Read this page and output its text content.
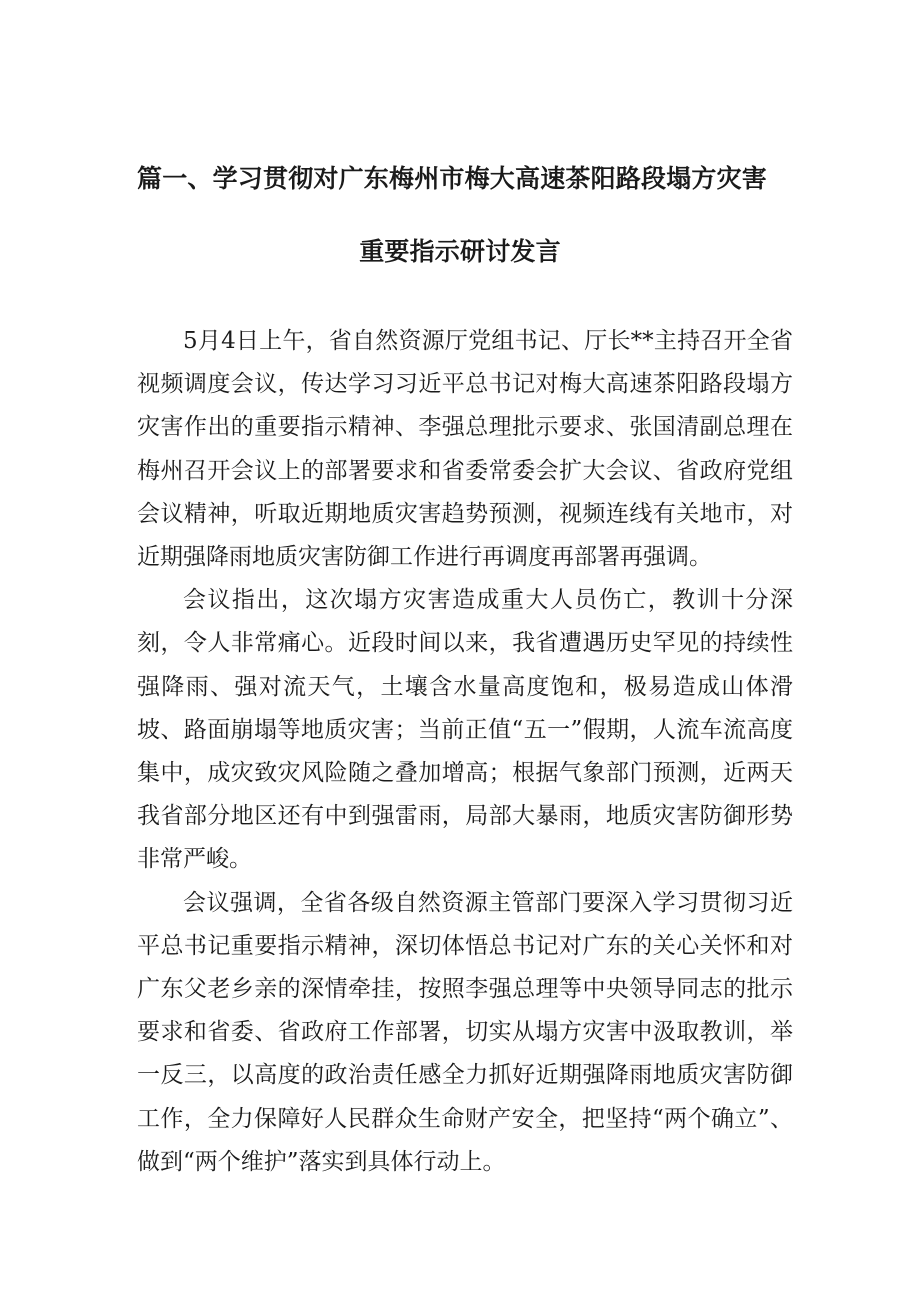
篇一、学习贯彻对广东梅州市梅大高速茶阳路段塌方灾害
重要指示研讨发言

5月4日上午，省自然资源厅党组书记、厅长**主持召开全省视频调度会议，传达学习习近平总书记对梅大高速茶阳路段塌方灾害作出的重要指示精神、李强总理批示要求、张国清副总理在梅州召开会议上的部署要求和省委常委会扩大会议、省政府党组会议精神，听取近期地质灾害趋势预测，视频连线有关地市，对近期强降雨地质灾害防御工作进行再调度再部署再强调。

会议指出，这次塌方灾害造成重大人员伤亡，教训十分深刻，令人非常痛心。近段时间以来，我省遭遇历史罕见的持续性强降雨、强对流天气，土壤含水量高度饱和，极易造成山体滑坡、路面崩塌等地质灾害；当前正值“五一”假期，人流车流高度集中，成灾致灾风险随之叠加增高；根据气象部门预测，近两天我省部分地区还有中到强雷雨，局部大暴雨，地质灾害防御形势非常严峻。

会议强调，全省各级自然资源主管部门要深入学习贯彻习近平总书记重要指示精神，深切体悟总书记对广东的关心关怀和对广东父老乡亲的深情牵挂，按照李强总理等中央领导同志的批示要求和省委、省政府工作部署，切实从塌方灾害中汲取教训，举一反三，以高度的政治责任感全力抓好近期强降雨地质灾害防御工作，全力保障好人民群众生命财产安全，把坚持“两个确立”、做到“两个维护”落实到具体行动上。
